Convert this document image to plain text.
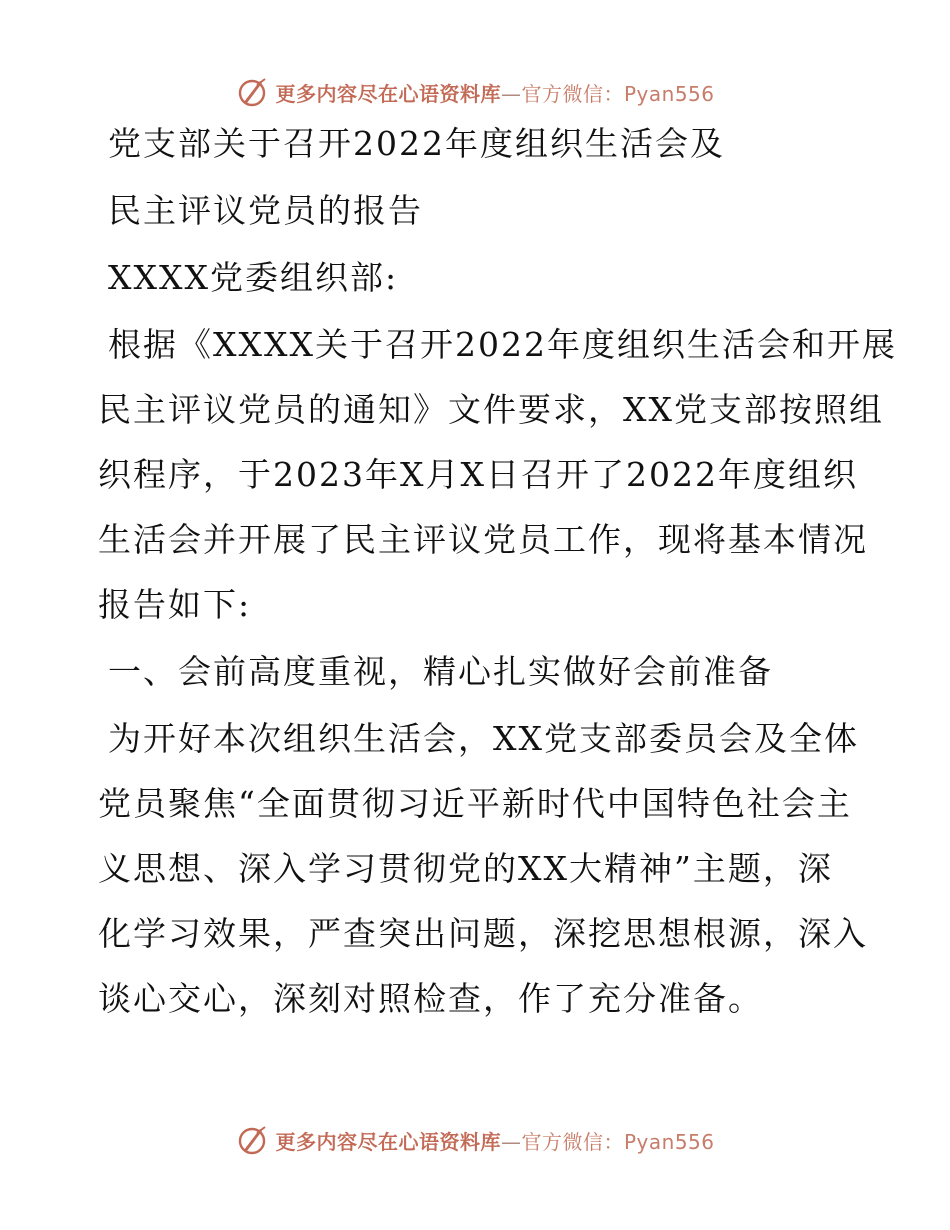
更多内容尽在心语资料库—官方微信：Pyan556
党支部关于召开2022年度组织生活会及
民主评议党员的报告
XXXX党委组织部:
根据《XXXX关于召开2022年度组织生活会和开展
民主评议党员的通知》文件要求，XX党支部按照组
织程序，于2023年X月X日召开了2022年度组织
生活会并开展了民主评议党员工作，现将基本情况
报告如下:
一、会前高度重视，精心扎实做好会前准备
为开好本次组织生活会，XX党支部委员会及全体
党员聚焦“全面贯彻习近平新时代中国特色社会主
义思想、深入学习贯彻党的XX大精神”主题，深
化学习效果，严查突出问题，深挖思想根源，深入
谈心交心，深刻对照检查，作了充分准备。
更多内容尽在心语资料库—官方微信：Pyan556
